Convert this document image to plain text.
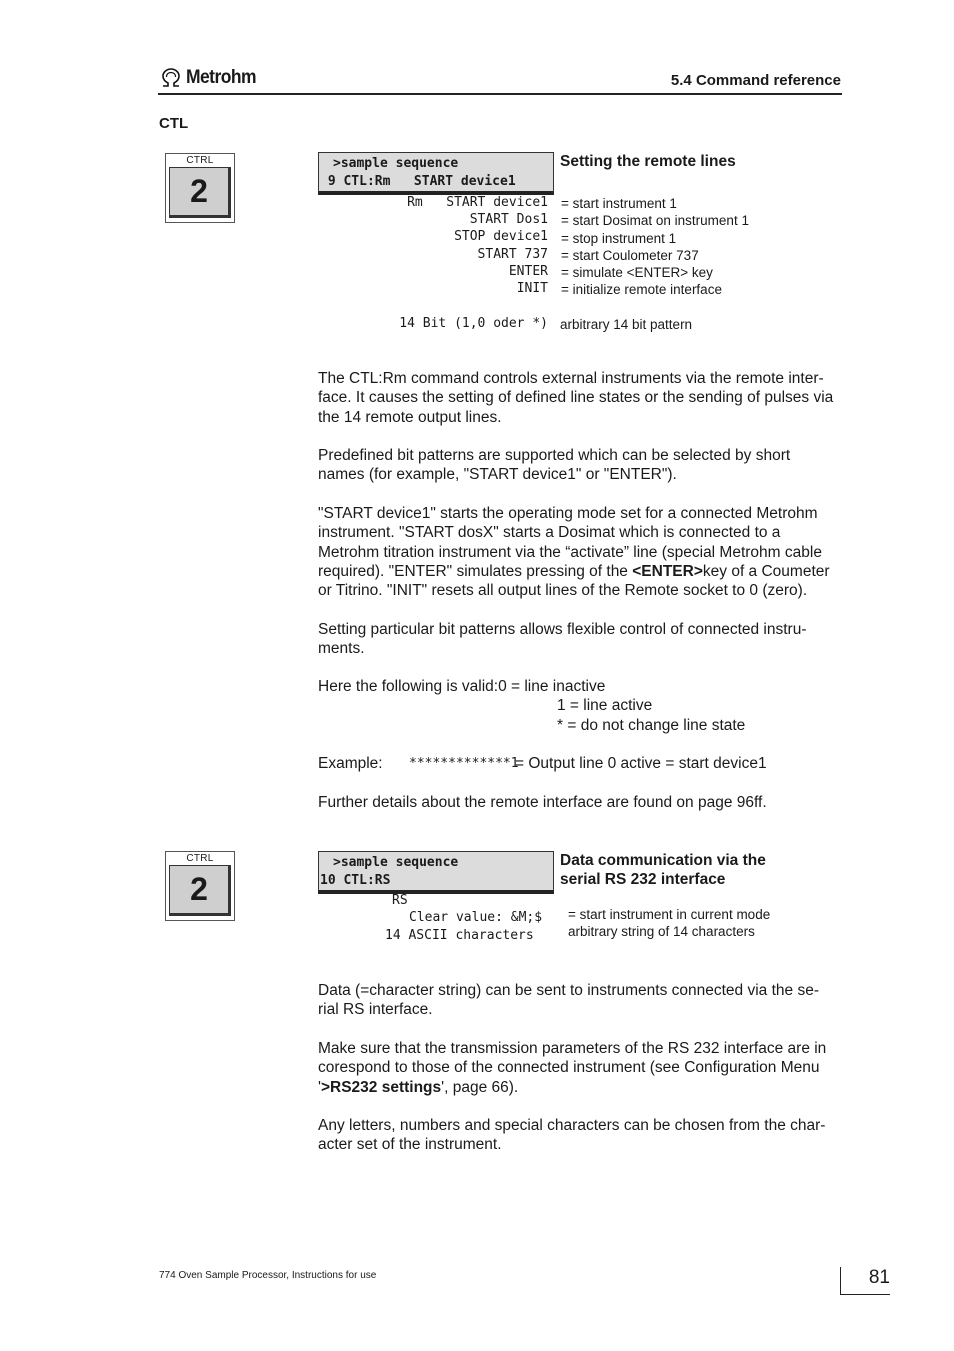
Metrohm	5.4 Command reference
CTL
CTRL
2
>sample sequence
9 CTL:Rm   START device1
Setting the remote lines
Rm   START device1
START Dos1
STOP device1
START 737
ENTER
INIT
= start instrument 1
= start Dosimat on instrument 1
= stop instrument 1
= start Coulometer 737
= simulate <ENTER> key
= initialize remote interface
14 Bit (1,0 oder *) arbitrary 14 bit pattern
The CTL:Rm command controls external instruments via the remote inter-
face. It causes the setting of defined line states or the sending of pulses via
the 14 remote output lines.
Predefined bit patterns are supported which can be selected by short
names (for example, "START device1" or "ENTER").
"START device1" starts the operating mode set for a connected Metrohm
instrument. "START dosX" starts a Dosimat which is connected to a
Metrohm titration instrument via the “activate” line (special Metrohm cable
required). "ENTER" simulates pressing of the <ENTER>key of a Coumeter
or Titrino. "INIT" resets all output lines of the Remote socket to 0 (zero).
Setting particular bit patterns allows flexible control of connected instru-
ments.
Here the following is valid:0 = line inactive
1 = line active
* = do not change line state
Example: *************1
= Output line 0 active = start device1
Further details about the remote interface are found on page 96ff.
CTRL
2
>sample sequence
10 CTL:RS
Data communication via the
serial RS 232 interface
RS
Clear value: &M;$
14 ASCII characters
= start instrument in current mode
arbitrary string of 14 characters
Data (=character string) can be sent to instruments connected via the se-
rial RS interface.
Make sure that the transmission parameters of the RS 232 interface are in
corespond to those of the connected instrument (see Configuration Menu
'>RS232 settings', page 66).
Any letters, numbers and special characters can be chosen from the char-
acter set of the instrument.
774 Oven Sample Processor, Instructions for use	81
